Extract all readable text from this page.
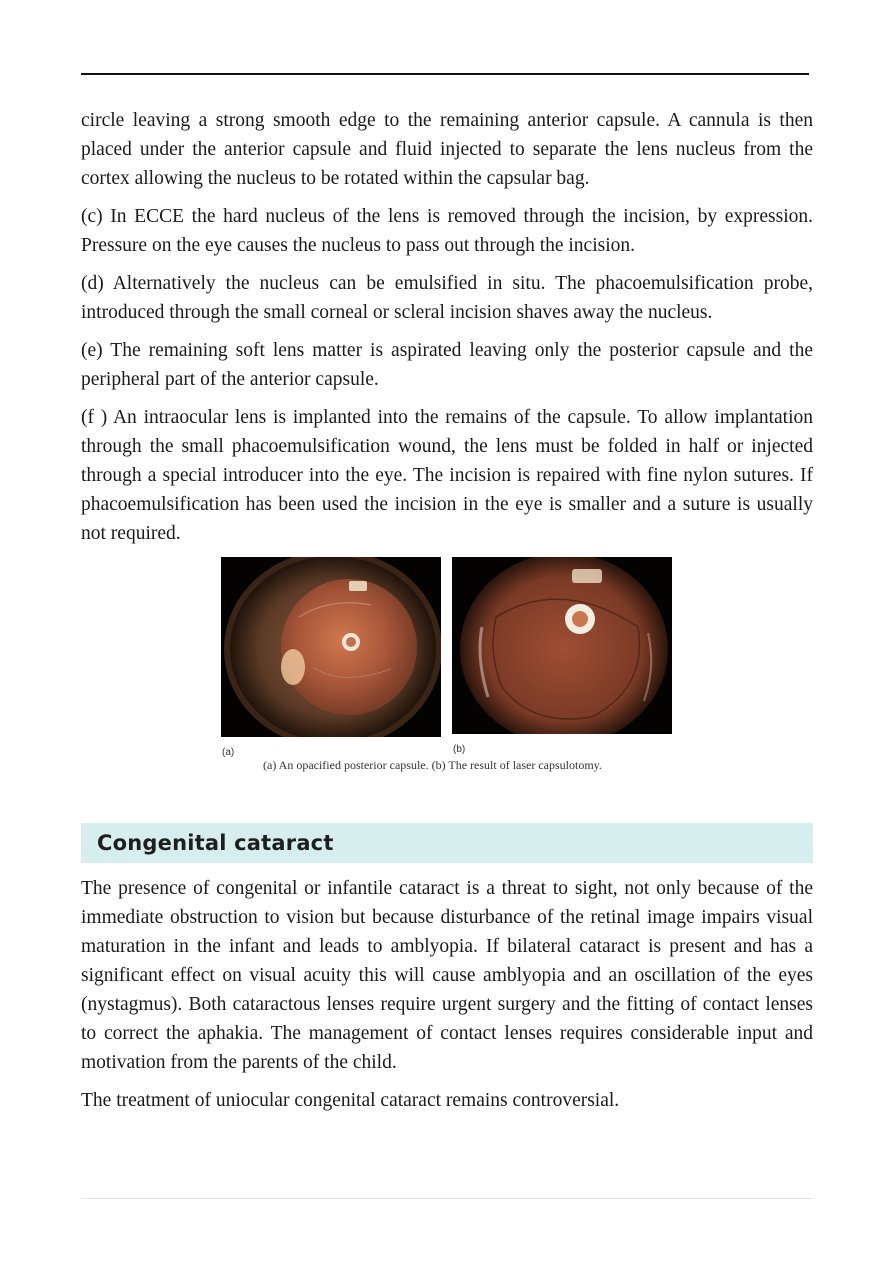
circle leaving a strong smooth edge to the remaining anterior capsule. A cannula is then placed under the anterior capsule and fluid injected to separate the lens nucleus from the cortex allowing the nucleus to be rotated within the capsular bag.

(c) In ECCE the hard nucleus of the lens is removed through the incision, by expression. Pressure on the eye causes the nucleus to pass out through the incision.

(d) Alternatively the nucleus can be emulsified in situ. The phacoemulsification probe, introduced through the small corneal or scleral incision shaves away the nucleus.

(e) The remaining soft lens matter is aspirated leaving only the posterior capsule and the peripheral part of the anterior capsule.

(f ) An intraocular lens is implanted into the remains of the capsule. To allow implantation through the small phacoemulsification wound, the lens must be folded in half or injected through a special introducer into the eye. The incision is repaired with fine nylon sutures. If phacoemulsification has been used the incision in the eye is smaller and a suture is usually not required.

(a)	(b)
(a) An opacified posterior capsule. (b) The result of laser capsulotomy.
Congenital cataract

The presence of congenital or infantile cataract is a threat to sight, not only because of the immediate obstruction to vision but because disturbance of the retinal image impairs visual maturation in the infant and leads to amblyopia. If bilateral cataract is present and has a significant effect on visual acuity this will cause amblyopia and an oscillation of the eyes (nystagmus). Both cataractous lenses require urgent surgery and the fitting of contact lenses to correct the aphakia. The management of contact lenses requires considerable input and motivation from the parents of the child.

The treatment of uniocular congenital cataract remains controversial.
